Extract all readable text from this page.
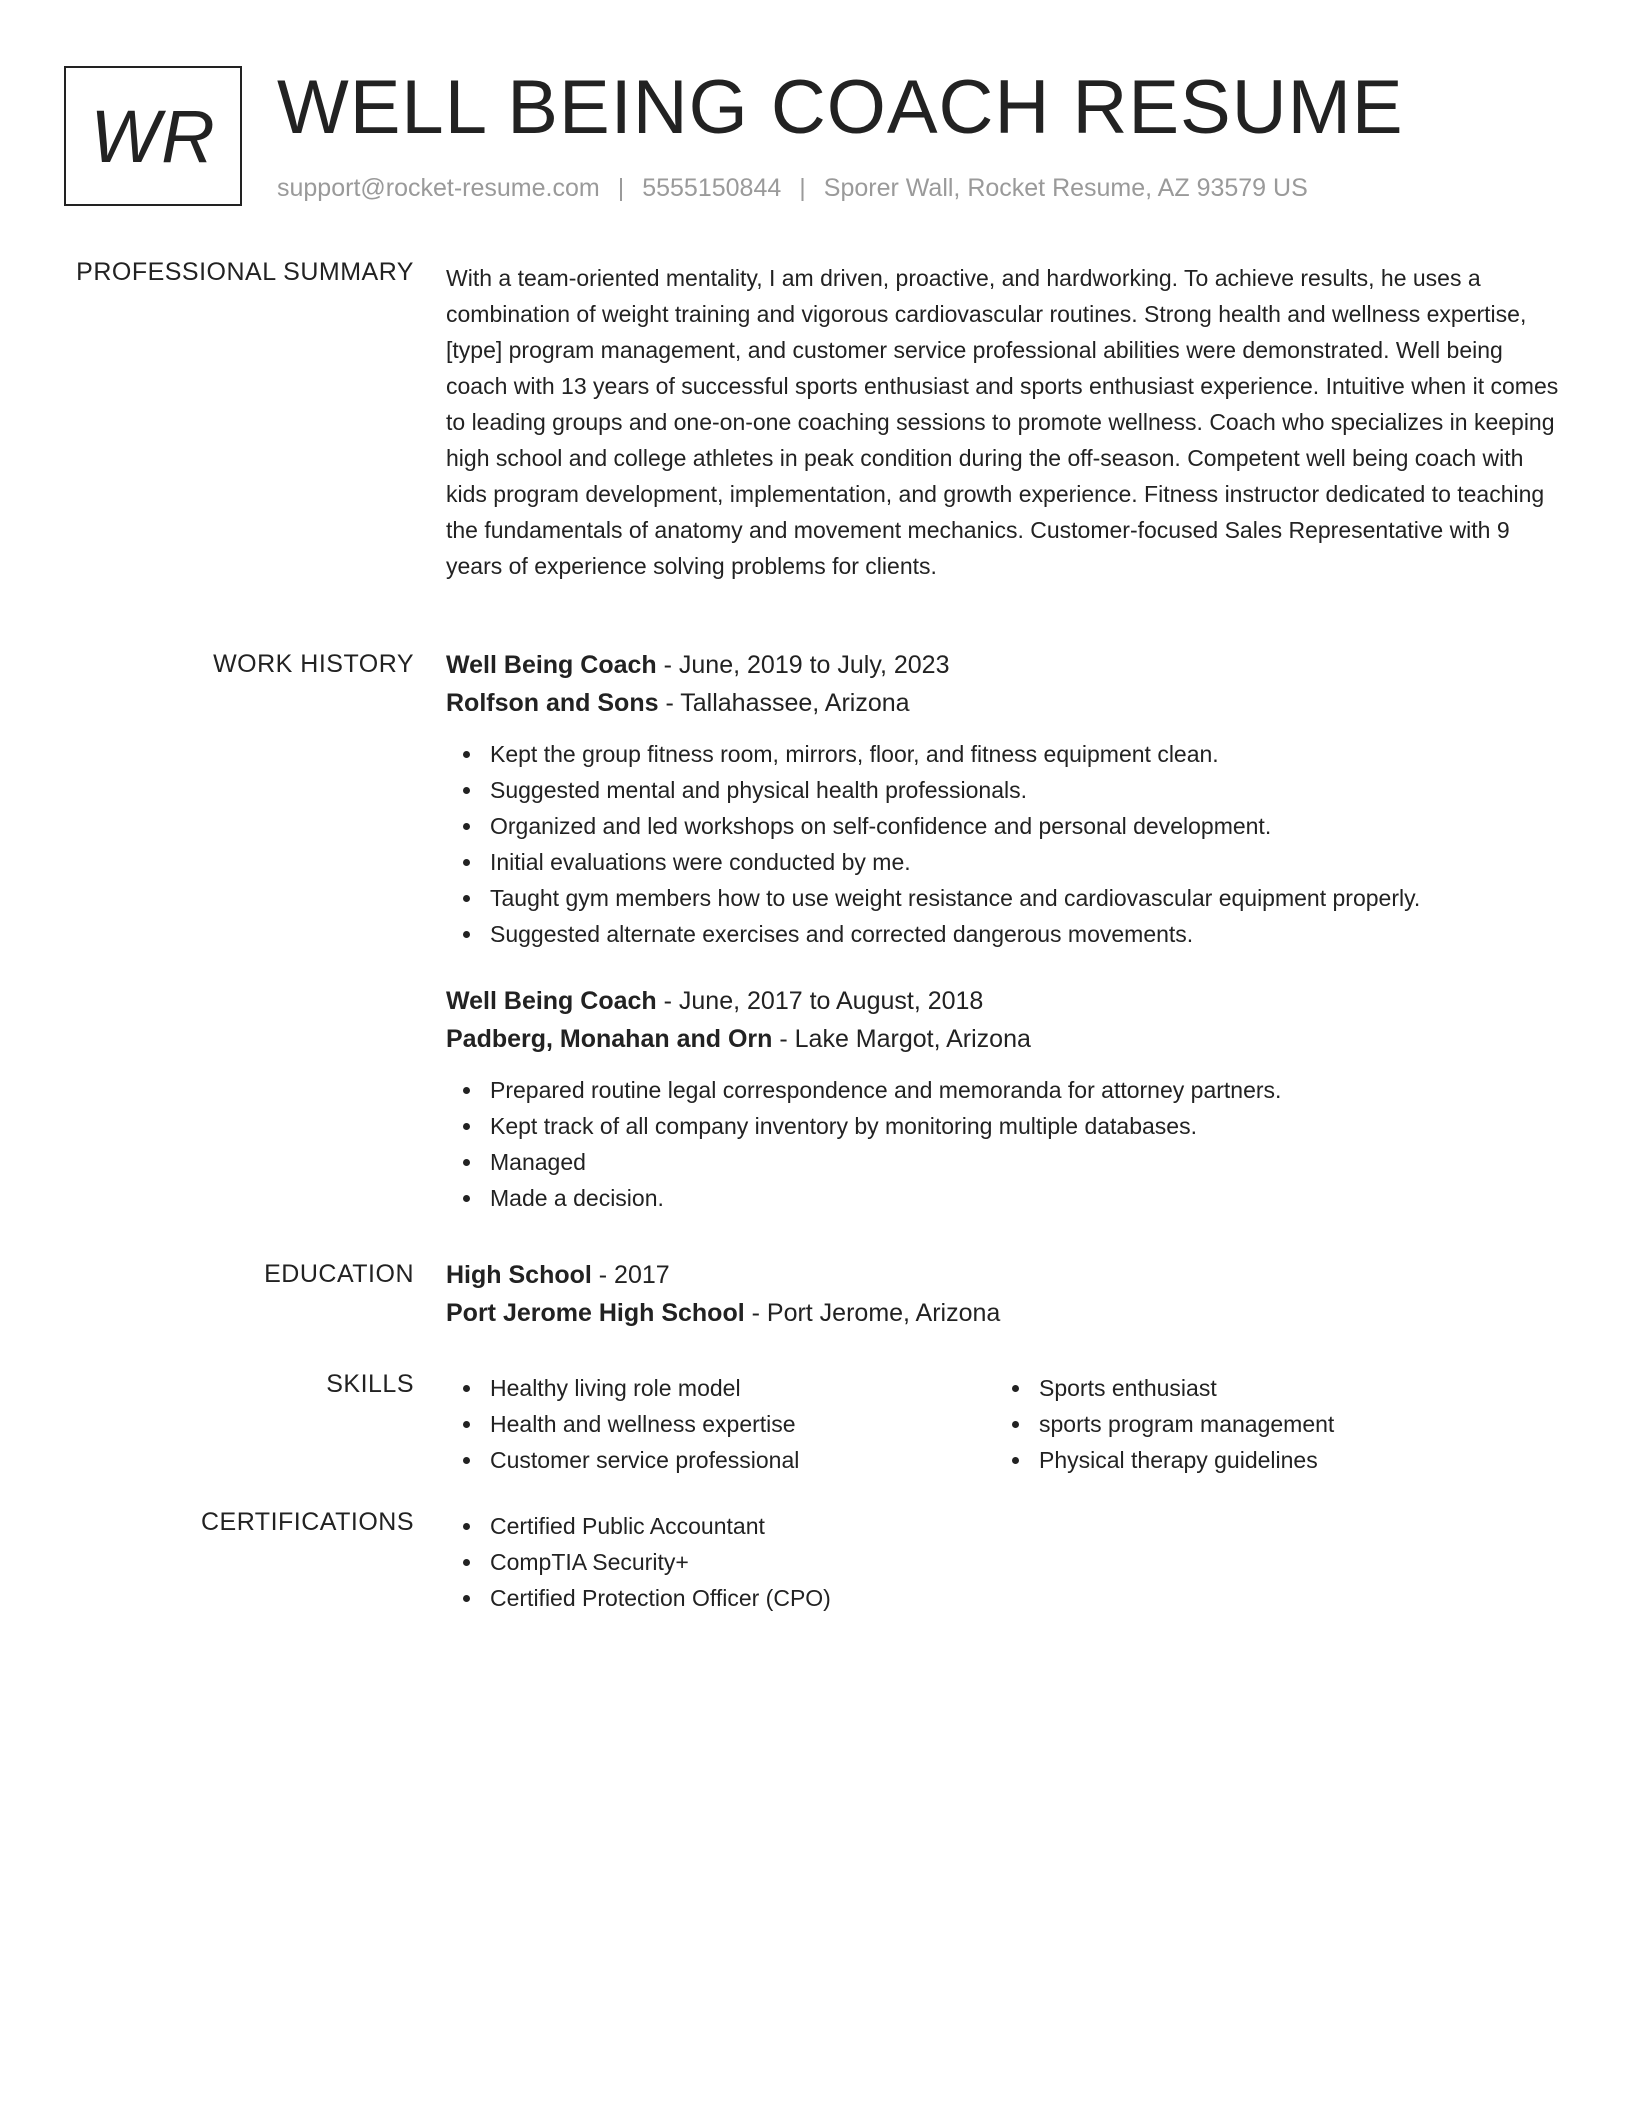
WR WELL BEING COACH RESUME
support@rocket-resume.com | 5555150844 | Sporer Wall, Rocket Resume, AZ 93579 US
PROFESSIONAL SUMMARY With a team-oriented mentality, I am driven, proactive, and hardworking. To achieve results, he uses a combination of weight training and vigorous cardiovascular routines. Strong health and wellness expertise, [type] program management, and customer service professional abilities were demonstrated. Well being coach with 13 years of successful sports enthusiast and sports enthusiast experience. Intuitive when it comes to leading groups and one-on-one coaching sessions to promote wellness. Coach who specializes in keeping high school and college athletes in peak condition during the off-season. Competent well being coach with kids program development, implementation, and growth experience. Fitness instructor dedicated to teaching the fundamentals of anatomy and movement mechanics. Customer-focused Sales Representative with 9 years of experience solving problems for clients.

WORK HISTORY Well Being Coach - June, 2019 to July, 2023
Rolfson and Sons - Tallahassee, Arizona
Kept the group fitness room, mirrors, floor, and fitness equipment clean.
Suggested mental and physical health professionals.
Organized and led workshops on self-confidence and personal development.
Initial evaluations were conducted by me.
Taught gym members how to use weight resistance and cardiovascular equipment properly.
Suggested alternate exercises and corrected dangerous movements.
Well Being Coach - June, 2017 to August, 2018
Padberg, Monahan and Orn - Lake Margot, Arizona
Prepared routine legal correspondence and memoranda for attorney partners.
Kept track of all company inventory by monitoring multiple databases.
Managed
Made a decision.
EDUCATION High School - 2017
Port Jerome High School - Port Jerome, Arizona
SKILLS	Healthy living role model
Health and wellness expertise
Customer service professional
Sports enthusiast
sports program management
Physical therapy guidelines
CERTIFICATIONS	Certified Public Accountant
CompTIA Security+
Certified Protection Officer (CPO)
